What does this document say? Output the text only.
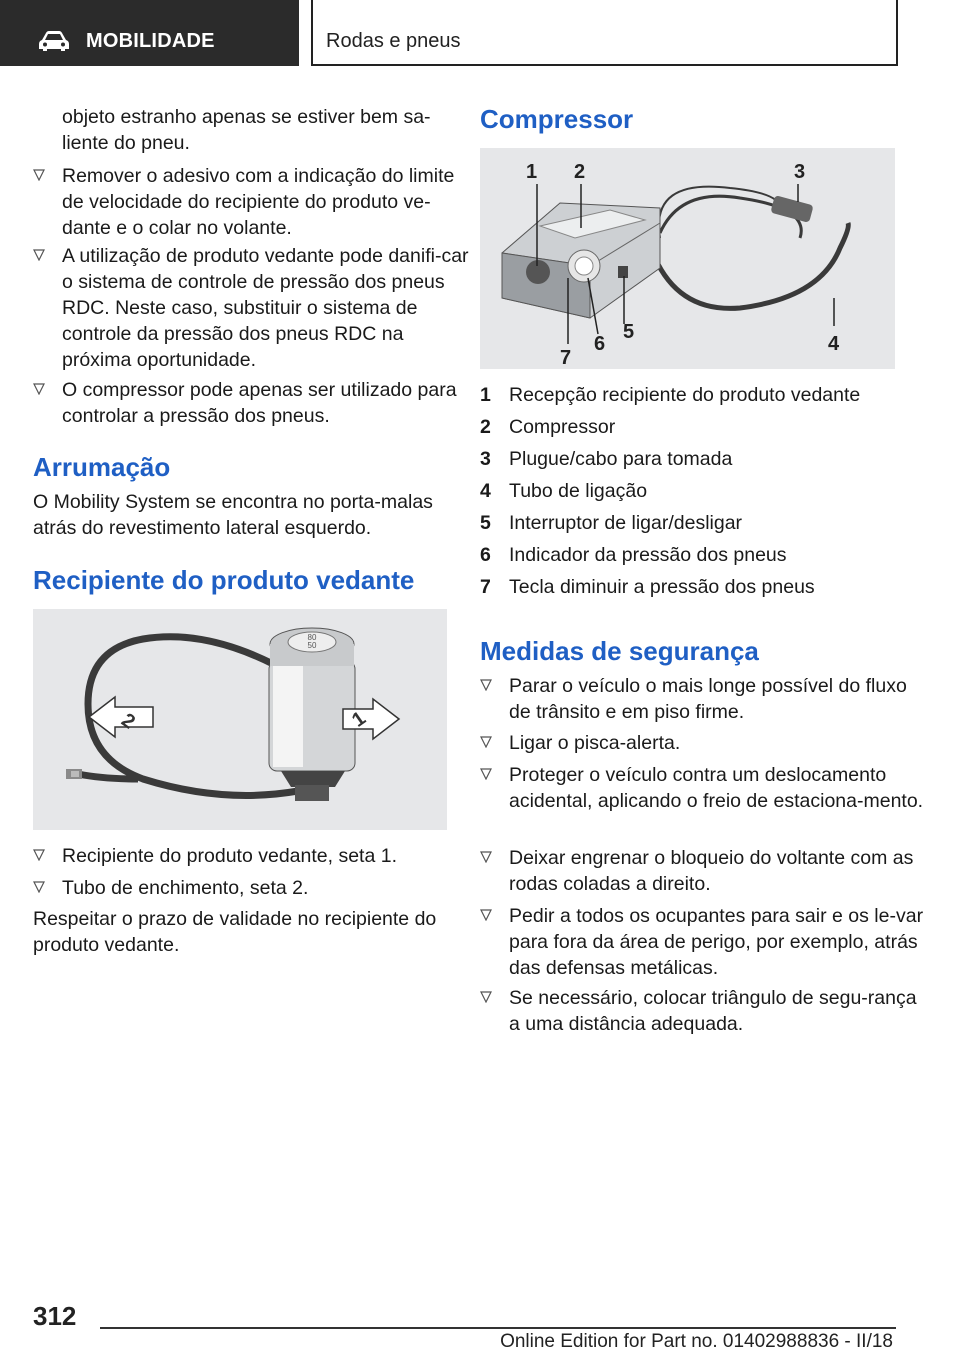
MOBILIDADE	Rodas e pneus

objeto estranho apenas se estiver bem sa-
liente do pneu.

Remover o adesivo com a indicação do limite de velocidade do recipiente do produto ve-dante e o colar no volante.
A utilização de produto vedante pode danifi-car o sistema de controle de pressão dos pneus RDC. Neste caso, substituir o sistema de controle da pressão dos pneus RDC na próxima oportunidade.
O compressor pode apenas ser utilizado para controlar a pressão dos pneus.
Arrumação

O Mobility System se encontra no porta-malas atrás do revestimento lateral esquerdo.

Recipiente do produto vedante
80
50
2	1
Recipiente do produto vedante, seta 1.
Tubo de enchimento, seta 2.

Respeitar o prazo de validade no recipiente do produto vedante.

Compressor
1 2	3
4
5
6
7
1 Recepção recipiente do produto vedante
2 Compressor
3 Plugue/cabo para tomada
4 Tubo de ligação
5 Interruptor de ligar/desligar
6 Indicador da pressão dos pneus
7 Tecla diminuir a pressão dos pneus
Medidas de segurança
Parar o veículo o mais longe possível do fluxo de trânsito e em piso firme.
Ligar o pisca-alerta.
Proteger o veículo contra um deslocamento acidental, aplicando o freio de estaciona-mento.
Deixar engrenar o bloqueio do voltante com as rodas coladas a direito.
Pedir a todos os ocupantes para sair e os le-var para fora da área de perigo, por exemplo, atrás das defensas metálicas.
Se necessário, colocar triângulo de segu-rança a uma distância adequada.
312
Online Edition for Part no. 01402988836 - II/18
